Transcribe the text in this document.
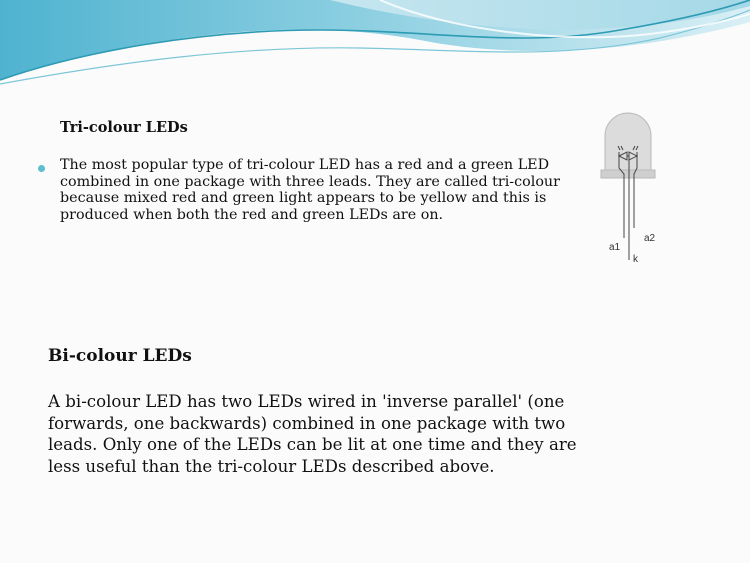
Tri-colour LEDs
The most popular type of tri-colour LED has a red and a green LED combined in one package with three leads. They are called tri-colour because mixed red and green light appears to be yellow and this is produced when both the red and green LEDs are on.
a1
a2
k
Bi-colour LEDs
A bi-colour LED has two LEDs wired in 'inverse parallel' (one forwards, one backwards) combined in one package with two leads. Only one of the LEDs can be lit at one time and they are less useful than the tri-colour LEDs described above.
